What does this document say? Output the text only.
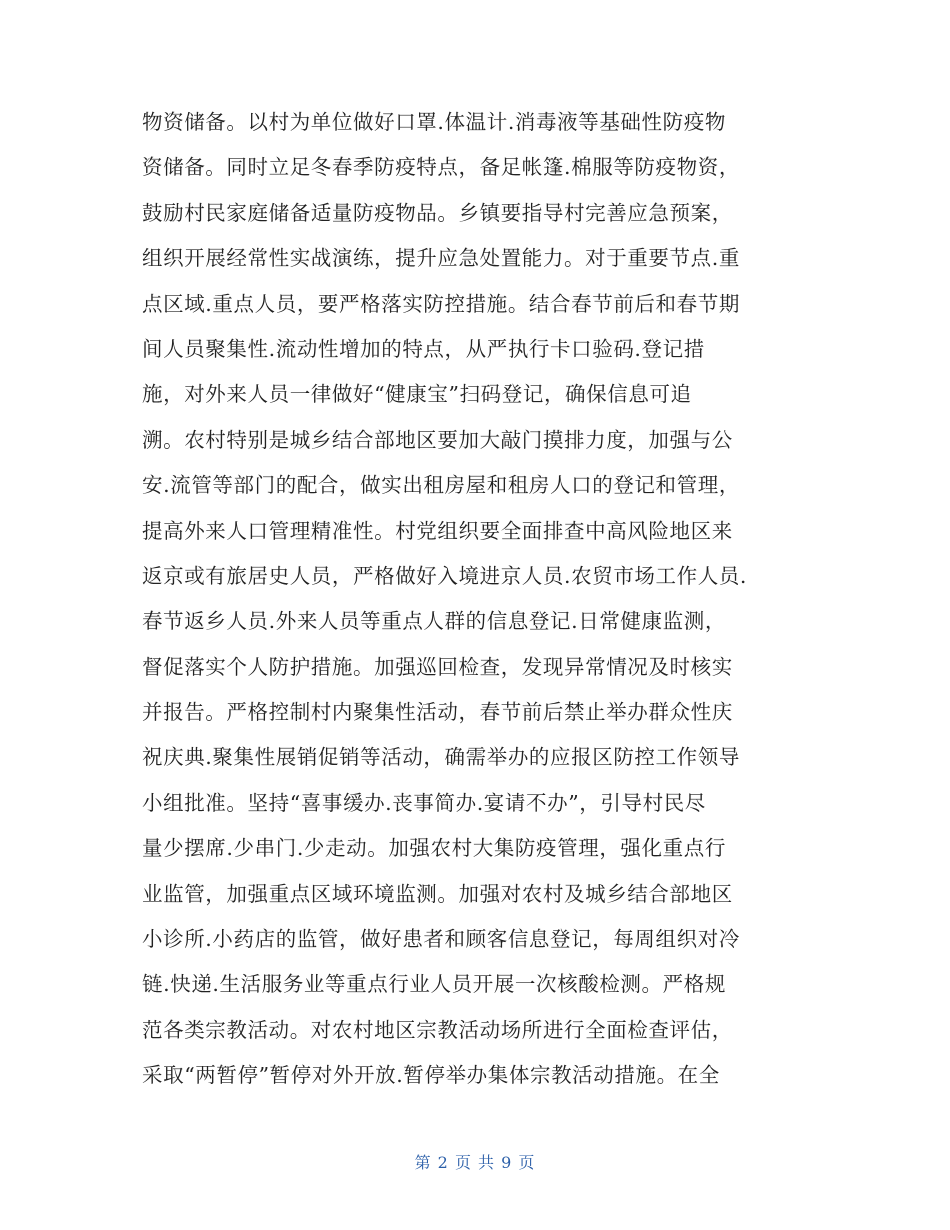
物资储备。以村为单位做好口罩.体温计.消毒液等基础性防疫物
资储备。同时立足冬春季防疫特点，备足帐篷.棉服等防疫物资，
鼓励村民家庭储备适量防疫物品。乡镇要指导村完善应急预案，
组织开展经常性实战演练，提升应急处置能力。对于重要节点.重
点区域.重点人员，要严格落实防控措施。结合春节前后和春节期
间人员聚集性.流动性增加的特点，从严执行卡口验码.登记措
施，对外来人员一律做好“健康宝”扫码登记，确保信息可追
溯。农村特别是城乡结合部地区要加大敲门摸排力度，加强与公
安.流管等部门的配合，做实出租房屋和租房人口的登记和管理，
提高外来人口管理精准性。村党组织要全面排查中高风险地区来
返京或有旅居史人员，严格做好入境进京人员.农贸市场工作人员.
春节返乡人员.外来人员等重点人群的信息登记.日常健康监测，
督促落实个人防护措施。加强巡回检查，发现异常情况及时核实
并报告。严格控制村内聚集性活动，春节前后禁止举办群众性庆
祝庆典.聚集性展销促销等活动，确需举办的应报区防控工作领导
小组批准。坚持“喜事缓办.丧事简办.宴请不办”，引导村民尽
量少摆席.少串门.少走动。加强农村大集防疫管理，强化重点行
业监管，加强重点区域环境监测。加强对农村及城乡结合部地区
小诊所.小药店的监管，做好患者和顾客信息登记，每周组织对冷
链.快递.生活服务业等重点行业人员开展一次核酸检测。严格规
范各类宗教活动。对农村地区宗教活动场所进行全面检查评估，
采取“两暂停”暂停对外开放.暂停举办集体宗教活动措施。在全
第 2 页 共 9 页
